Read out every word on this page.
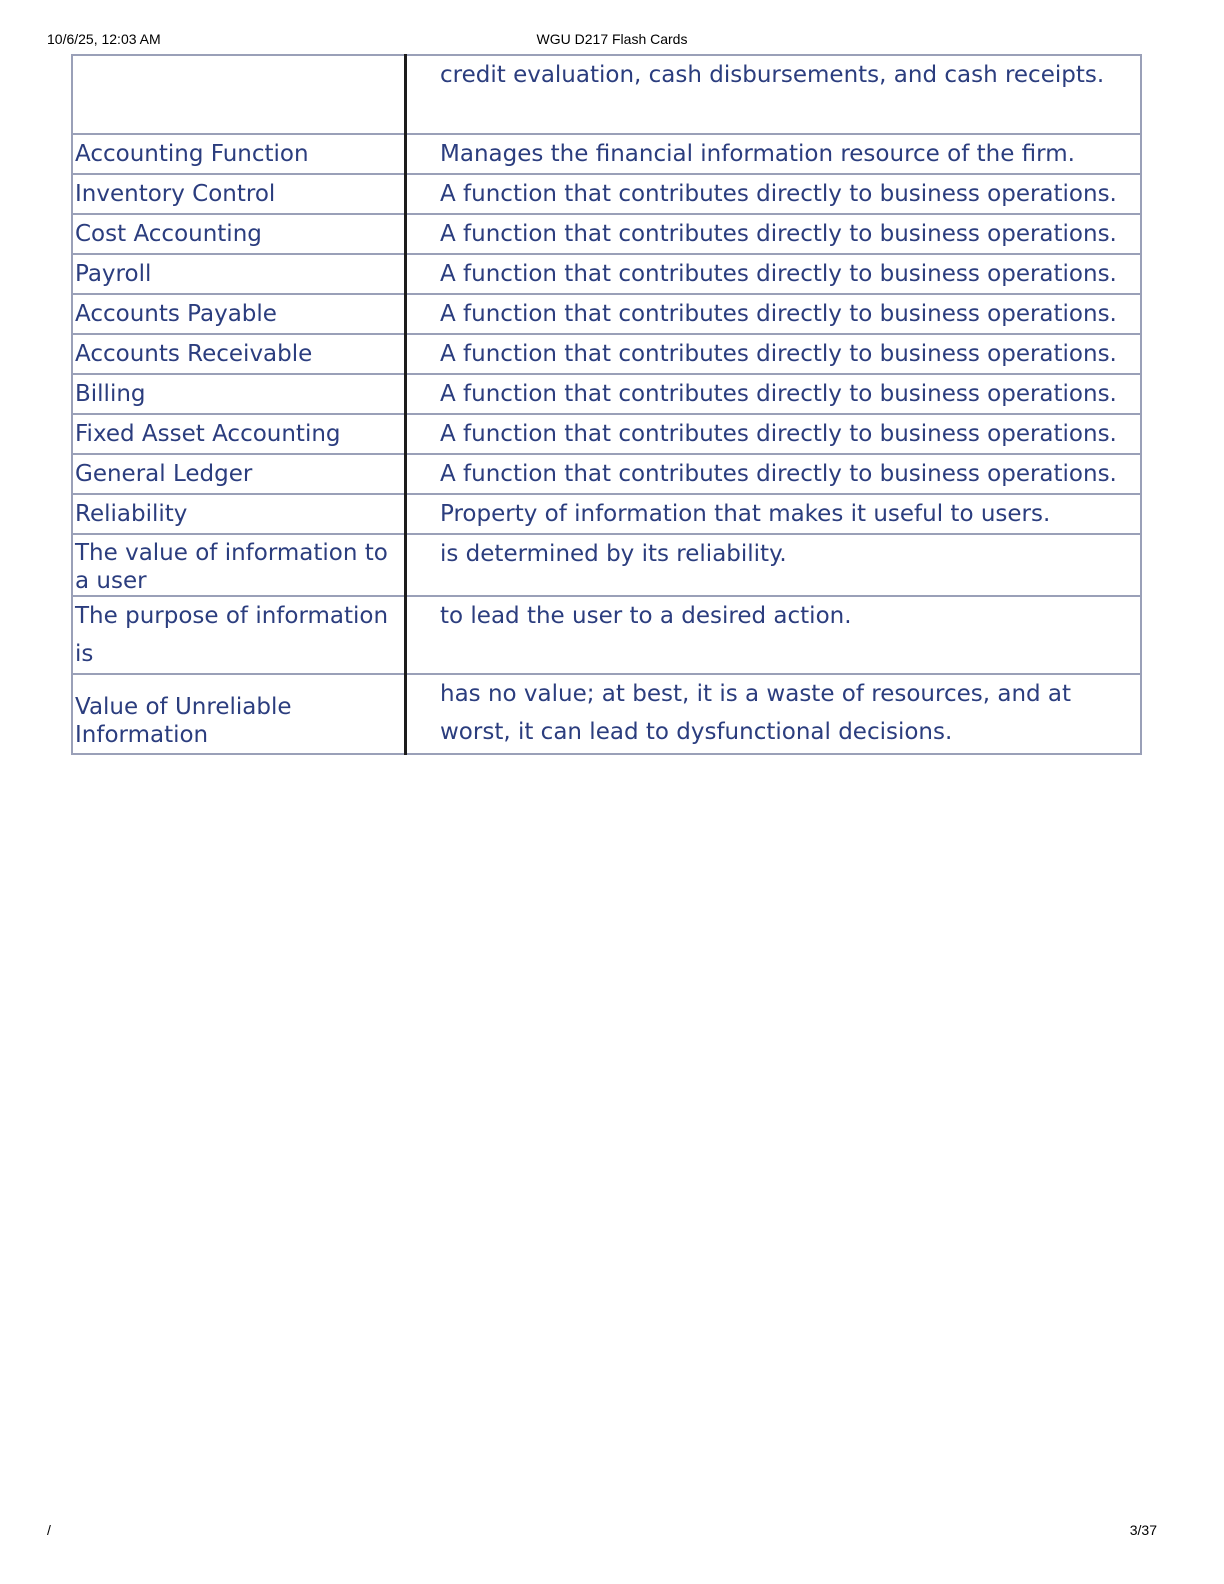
10/6/25, 12:03 AM	WGU D217 Flash Cards
	credit evaluation, cash disbursements, and cash receipts.
Accounting Function	Manages the financial information resource of the firm.
Inventory Control	A function that contributes directly to business operations.
Cost Accounting	A function that contributes directly to business operations.
Payroll	A function that contributes directly to business operations.
Accounts Payable	A function that contributes directly to business operations.
Accounts Receivable	A function that contributes directly to business operations.
Billing	A function that contributes directly to business operations.
Fixed Asset Accounting	A function that contributes directly to business operations.
General Ledger	A function that contributes directly to business operations.
Reliability	Property of information that makes it useful to users.
The value of information to a user	is determined by its reliability.
The purpose of information is	to lead the user to a desired action.
Value of Unreliable Information	has no value; at best, it is a waste of resources, and at worst, it can lead to dysfunctional decisions.
/	3/37
